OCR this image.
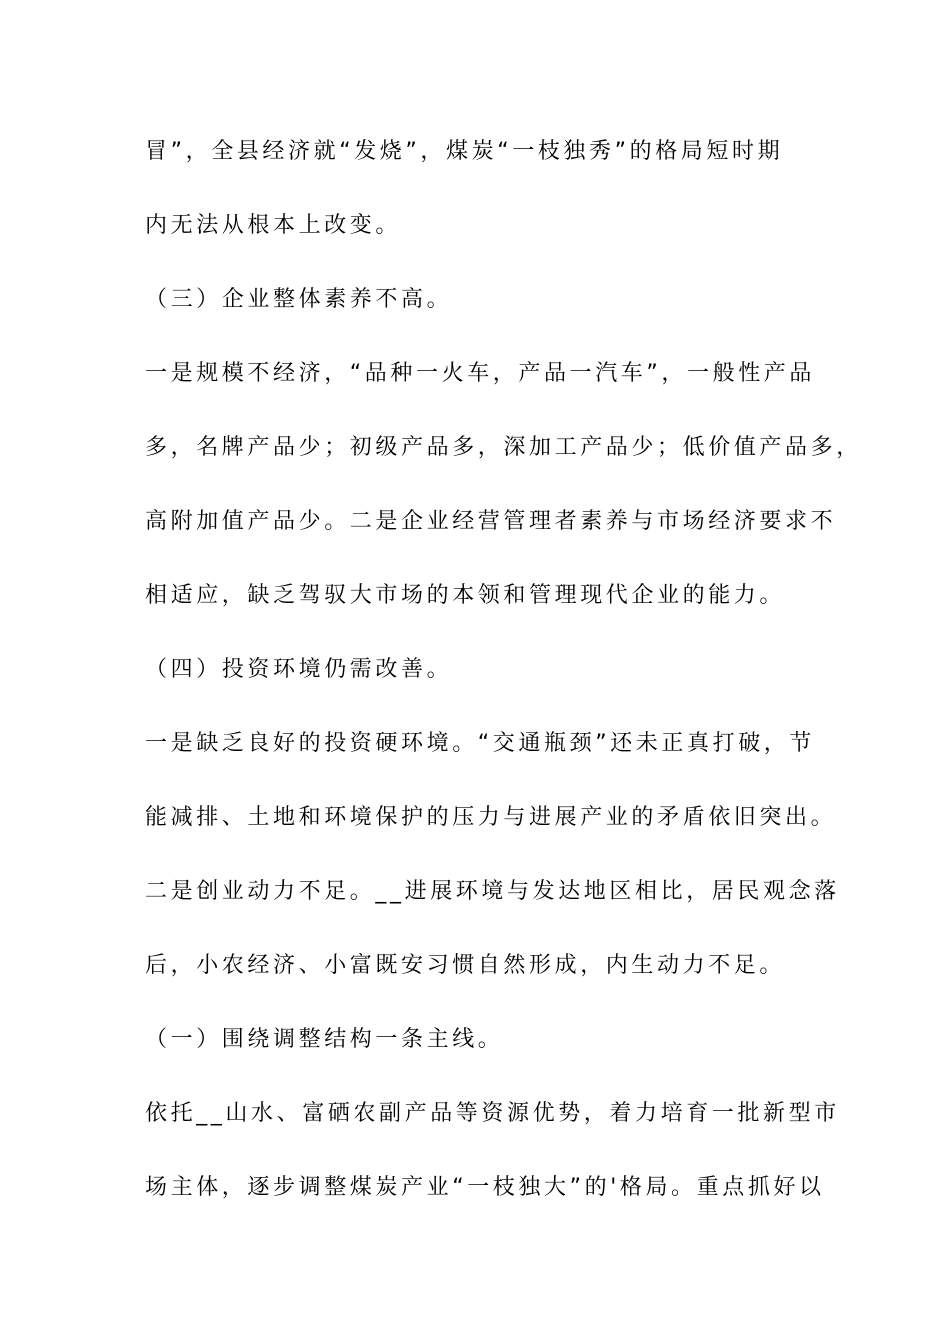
冒”，全县经济就“发烧”，煤炭“一枝独秀”的格局短时期
内无法从根本上改变。
（三）企业整体素养不高。
一是规模不经济，“品种一火车，产品一汽车”，一般性产品
多，名牌产品少；初级产品多，深加工产品少；低价值产品多，
高附加值产品少。二是企业经营管理者素养与市场经济要求不
相适应，缺乏驾驭大市场的本领和管理现代企业的能力。
（四）投资环境仍需改善。
一是缺乏良好的投资硬环境。“交通瓶颈”还未正真打破，节
能减排、土地和环境保护的压力与进展产业的矛盾依旧突出。
二是创业动力不足。__进展环境与发达地区相比，居民观念落
后，小农经济、小富既安习惯自然形成，内生动力不足。
（一）围绕调整结构一条主线。
依托__山水、富硒农副产品等资源优势，着力培育一批新型市
场主体，逐步调整煤炭产业“一枝独大”的'格局。重点抓好以
